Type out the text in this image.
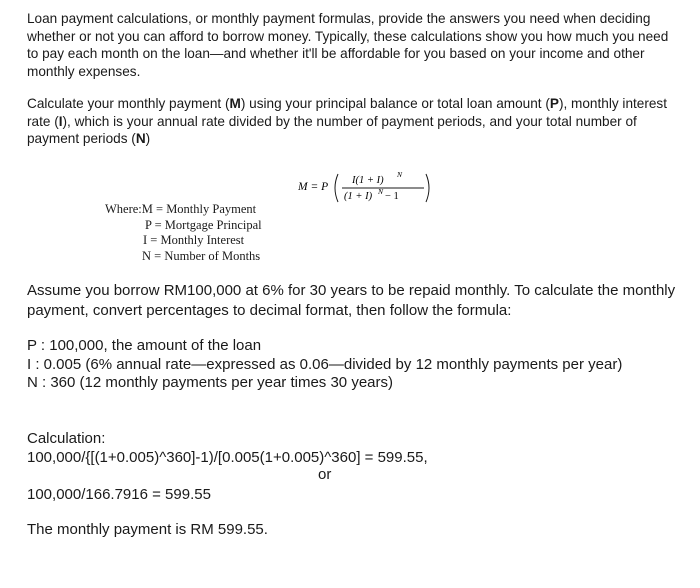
Loan payment calculations, or monthly payment formulas, provide the answers you need when deciding whether or not you can afford to borrow money. Typically, these calculations show you how much you need to pay each month on the loan—and whether it'll be affordable for you based on your income and other monthly expenses.
Calculate your monthly payment (M) using your principal balance or total loan amount (P), monthly interest rate (I), which is your annual rate divided by the number of payment periods, and your total number of payment periods (N)
M = P
I(1 + I)
N
(1 + I) N − 1
Where:M = Monthly Payment
P = Mortgage Principal
I = Monthly Interest
N = Number of Months
Assume you borrow RM100,000 at 6% for 30 years to be repaid monthly. To calculate the monthly payment, convert percentages to decimal format, then follow the formula:
P : 100,000, the amount of the loan
I : 0.005 (6% annual rate—expressed as 0.06—divided by 12 monthly payments per year)
N : 360 (12 monthly payments per year times 30 years)
Calculation:
100,000/{[(1+0.005)^360]-1)/[0.005(1+0.005)^360] = 599.55,
or
100,000/166.7916 = 599.55
The monthly payment is RM 599.55.
